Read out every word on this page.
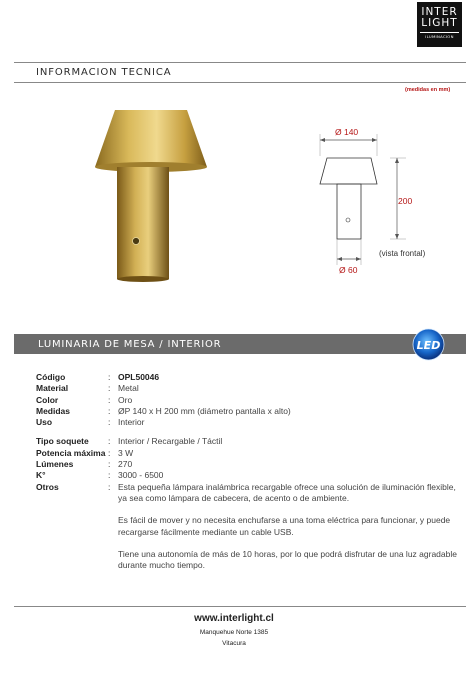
INTER
LIGHT
ILUMINACION
INFORMACION TECNICA
(medidas en mm)
Ø 140
200
Ø 60
(vista frontal)
LUMINARIA DE MESA / INTERIOR	LED
Código	: OPL50046
Material	: Metal
Color	: Oro
Medidas	: ØP 140 x H 200 mm (diámetro pantalla x alto)
Uso	: Interior
Tipo soquete	: Interior / Recargable / Táctil
Potencia máxima : 3 W
Lúmenes	: 270
K°	: 3000 - 6500
Otros	: Esta pequeña lámpara inalámbrica recargable ofrece una solución de iluminación flexible, ya sea como lámpara de cabecera, de acento o de ambiente.

Es fácil de mover y no necesita enchufarse a una toma eléctrica para funcionar, y puede recargarse fácilmente mediante un cable USB.

Tiene una autonomía de más de 10 horas, por lo que podrá disfrutar de una luz agradable durante mucho tiempo.

www.interlight.cl
Manquehue Norte 1385
Vitacura
